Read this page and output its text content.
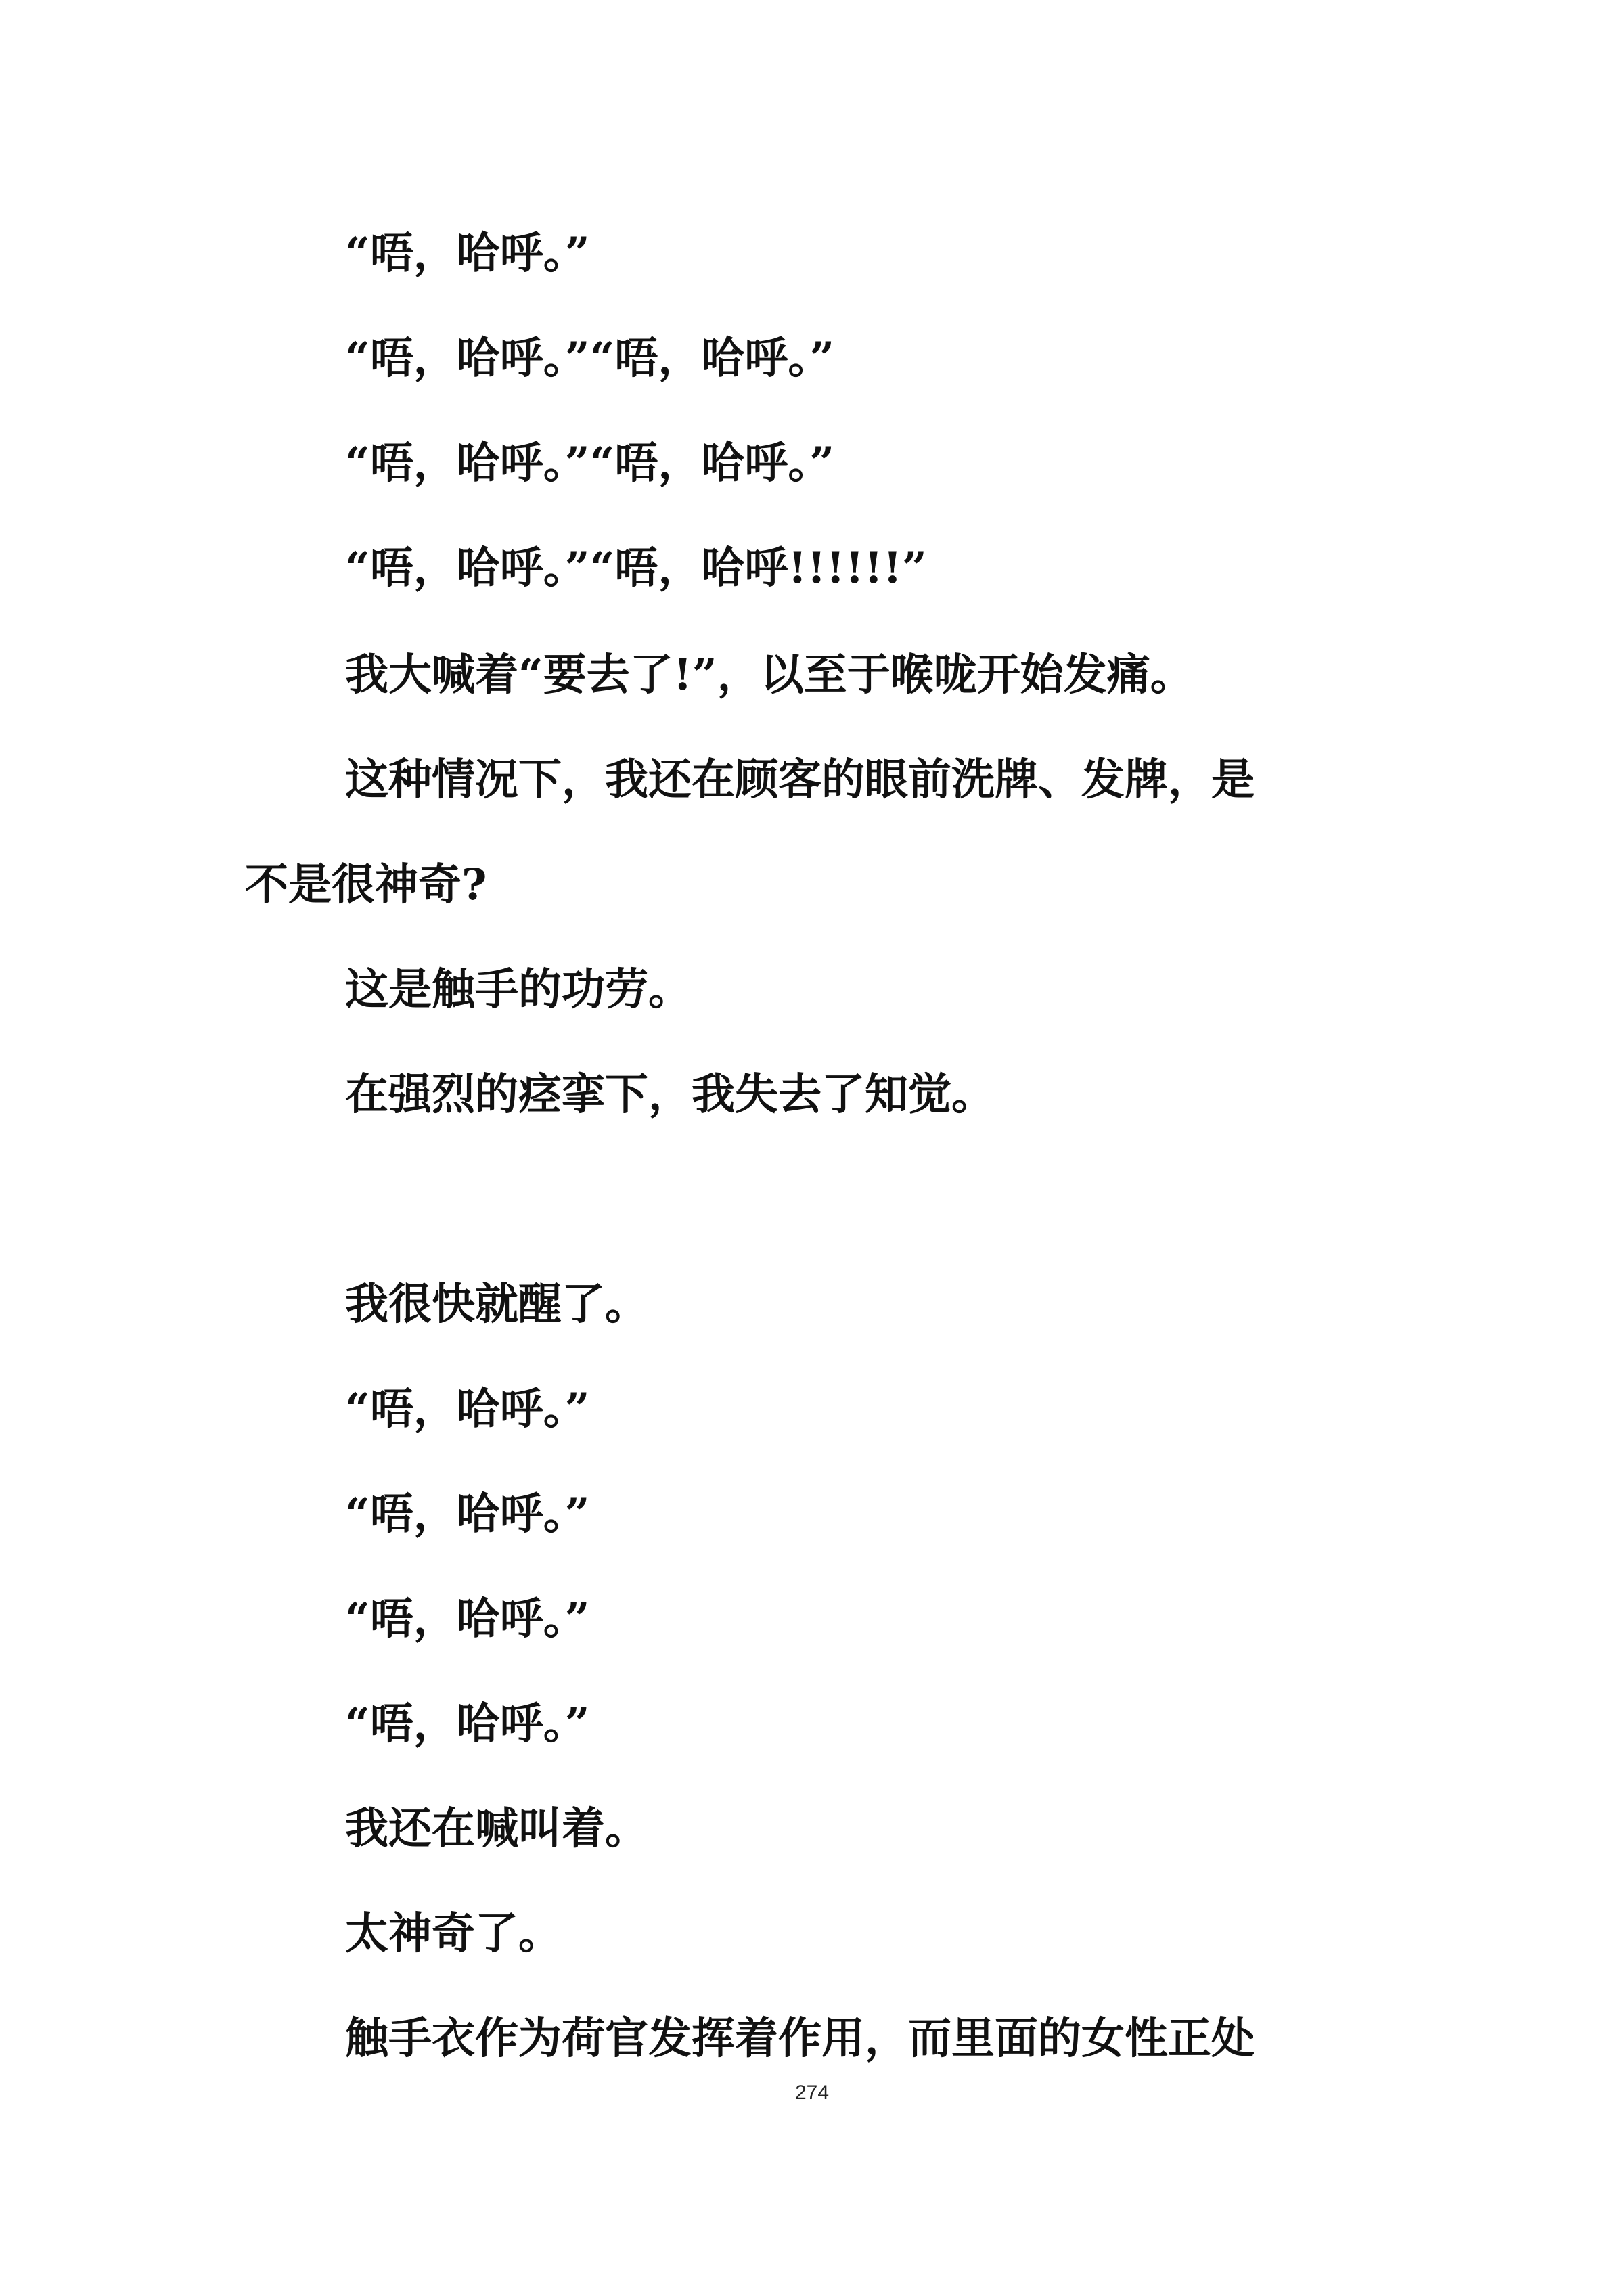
“唔，哈呼。”
“唔，哈呼。”“唔，哈呼。”
“唔，哈呼。”“唔，哈呼。”
“唔，哈呼。”“唔，哈呼!!!!!!”
我大喊着“要去了!”，以至于喉咙开始发痛。
这种情况下，我还在顾客的眼前洗牌、发牌，是
不是很神奇?
这是触手的功劳。
在强烈的痉挛下，我失去了知觉。
我很快就醒了。
“唔，哈呼。”
“唔，哈呼。”
“唔，哈呼。”
“唔，哈呼。”
我还在喊叫着。
太神奇了。
触手衣作为荷官发挥着作用，而里面的女性正处
274
